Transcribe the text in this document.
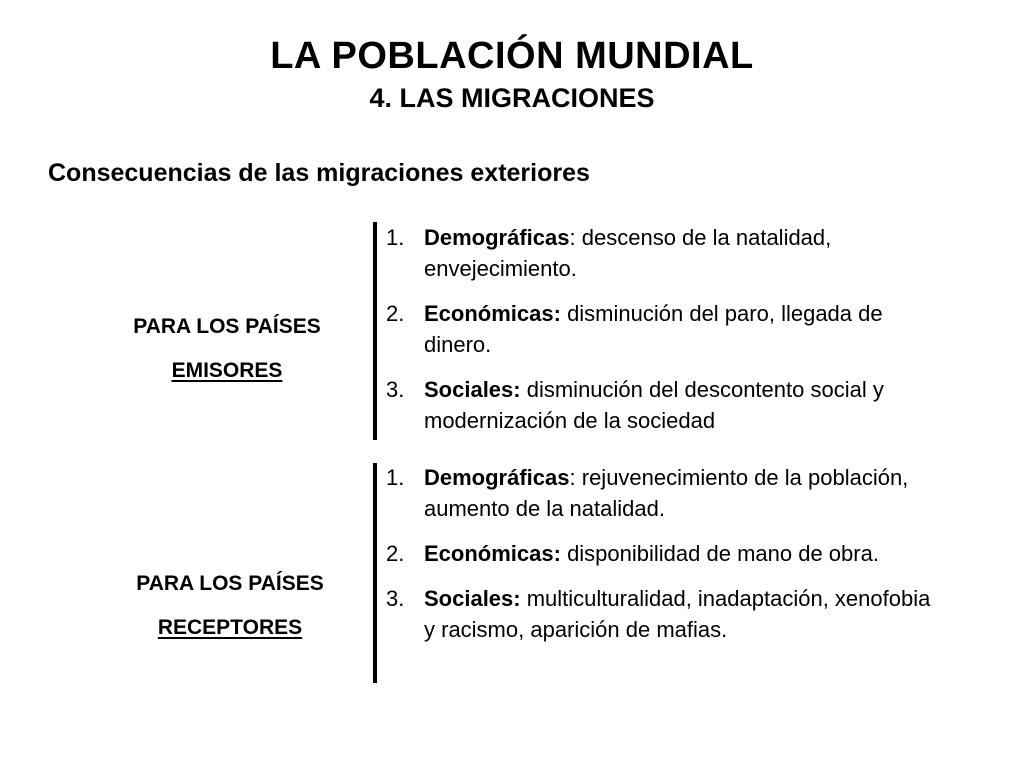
LA POBLACIÓN MUNDIAL
4. LAS MIGRACIONES
Consecuencias de las migraciones exteriores
PARA LOS PAÍSES
EMISORES
1. Demográficas: descenso de la natalidad, envejecimiento.
2. Económicas: disminución del paro, llegada de dinero.
3. Sociales: disminución del descontento social y modernización de la sociedad
PARA LOS PAÍSES
RECEPTORES
1. Demográficas: rejuvenecimiento de la población, aumento de la natalidad.
2. Económicas: disponibilidad de mano de obra.
3. Sociales: multiculturalidad, inadaptación, xenofobia y racismo, aparición de mafias.
